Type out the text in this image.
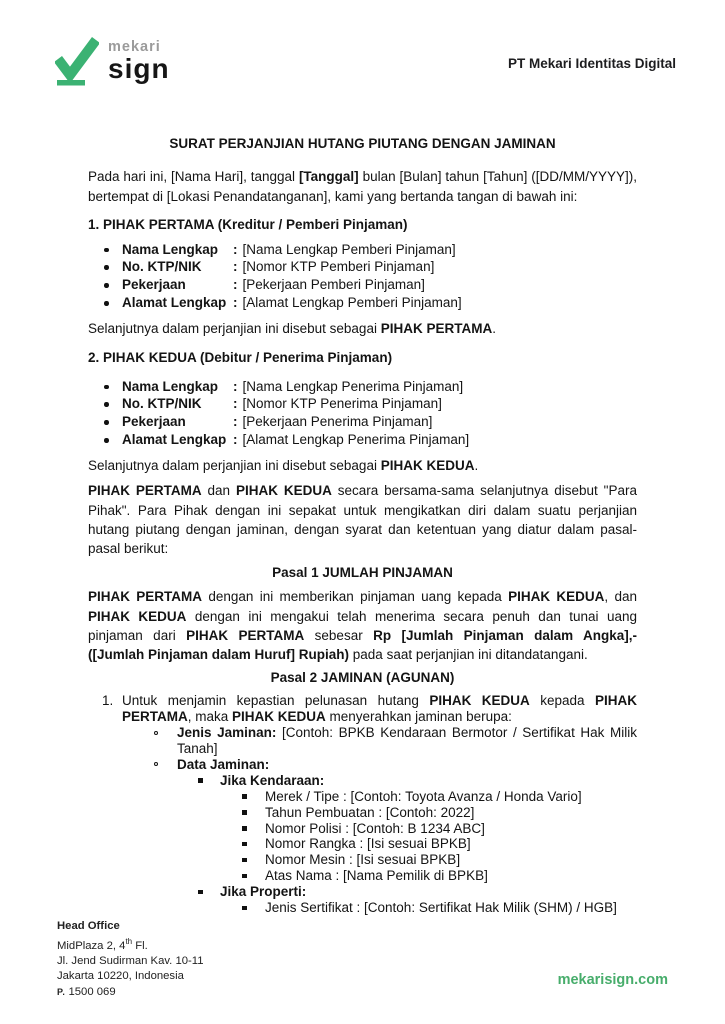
mekari
sign	PT Mekari Identitas Digital
SURAT PERJANJIAN HUTANG PIUTANG DENGAN JAMINAN

Pada hari ini, [Nama Hari], tanggal [Tanggal] bulan [Bulan] tahun [Tahun] ([DD/MM/YYYY]), bertempat di [Lokasi Penandatanganan], kami yang bertanda tangan di bawah ini:

1. PIHAK PERTAMA (Kreditur / Pemberi Pinjaman)
Nama Lengkap : [Nama Lengkap Pemberi Pinjaman]
No. KTP/NIK : [Nomor KTP Pemberi Pinjaman]
Pekerjaan	: [Pekerjaan Pemberi Pinjaman]
Alamat Lengkap : [Alamat Lengkap Pemberi Pinjaman]

Selanjutnya dalam perjanjian ini disebut sebagai PIHAK PERTAMA.

2. PIHAK KEDUA (Debitur / Penerima Pinjaman)
Nama Lengkap : [Nama Lengkap Penerima Pinjaman]
No. KTP/NIK : [Nomor KTP Penerima Pinjaman]
Pekerjaan	: [Pekerjaan Penerima Pinjaman]
Alamat Lengkap : [Alamat Lengkap Penerima Pinjaman]

Selanjutnya dalam perjanjian ini disebut sebagai PIHAK KEDUA.

PIHAK PERTAMA dan PIHAK KEDUA secara bersama-sama selanjutnya disebut "Para Pihak". Para Pihak dengan ini sepakat untuk mengikatkan diri dalam suatu perjanjian hutang piutang dengan jaminan, dengan syarat dan ketentuan yang diatur dalam pasal-pasal berikut:

Pasal 1 JUMLAH PINJAMAN

PIHAK PERTAMA dengan ini memberikan pinjaman uang kepada PIHAK KEDUA, dan PIHAK KEDUA dengan ini mengakui telah menerima secara penuh dan tunai uang pinjaman dari PIHAK PERTAMA sebesar Rp [Jumlah Pinjaman dalam Angka],- ([Jumlah Pinjaman dalam Huruf] Rupiah) pada saat perjanjian ini ditandatangani.

Pasal 2 JAMINAN (AGUNAN)
1. Untuk menjamin kepastian pelunasan hutang PIHAK KEDUA kepada PIHAK PERTAMA, maka PIHAK KEDUA menyerahkan jaminan berupa:
Jenis Jaminan: [Contoh: BPKB Kendaraan Bermotor / Sertifikat Hak Milik Tanah]
Data Jaminan:
Jika Kendaraan:
Merek / Tipe : [Contoh: Toyota Avanza / Honda Vario]
Tahun Pembuatan : [Contoh: 2022]
Nomor Polisi : [Contoh: B 1234 ABC]
Nomor Rangka : [Isi sesuai BPKB]
Nomor Mesin : [Isi sesuai BPKB]
Atas Nama : [Nama Pemilik di BPKB]
Jika Properti:
Jenis Sertifikat : [Contoh: Sertifikat Hak Milik (SHM) / HGB]
Head Office
MidPlaza 2, 4th Fl.
Jl. Jend Sudirman Kav. 10-11
Jakarta 10220, Indonesia
P. 1500 069
mekarisign.com
